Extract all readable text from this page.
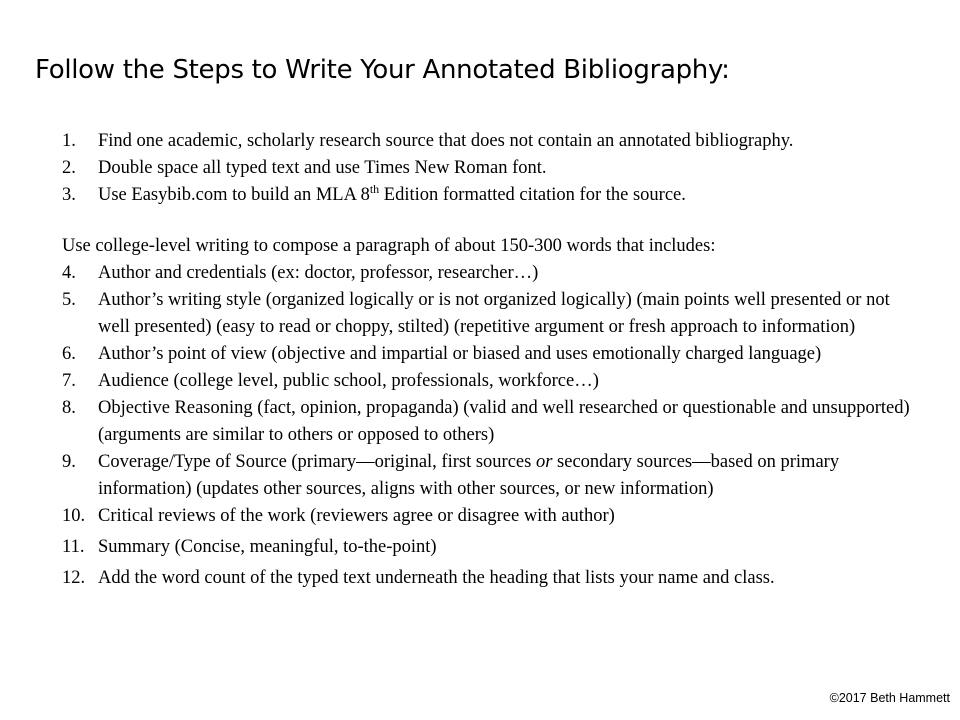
Follow the Steps to Write Your Annotated Bibliography:
1.	Find one academic, scholarly research source that does not contain an annotated bibliography.
2.	Double space all typed text and use Times New Roman font.
3.	Use Easybib.com to build an MLA 8th Edition formatted citation for the source.
Use college-level writing to compose a paragraph of about 150-300 words that includes:
4.	Author and credentials (ex: doctor, professor, researcher…)
5.	Author’s writing style (organized logically or is not organized logically) (main points well presented or not well presented) (easy to read or choppy, stilted) (repetitive argument or fresh approach to information)
6.	Author’s point of view (objective and impartial or biased and uses emotionally charged language)
7.	Audience (college level, public school, professionals, workforce…)
8.	Objective Reasoning (fact, opinion, propaganda) (valid and well researched or questionable and unsupported)(arguments are similar to others or opposed to others)
9.	Coverage/Type of Source (primary—original, first sources or secondary sources—based on primary information) (updates other sources, aligns with other sources, or new information)
10. Critical reviews of the work (reviewers agree or disagree with author)
11. Summary (Concise, meaningful, to-the-point)
12. Add the word count of the typed text underneath the heading that lists your name and class.
©2017 Beth Hammett
